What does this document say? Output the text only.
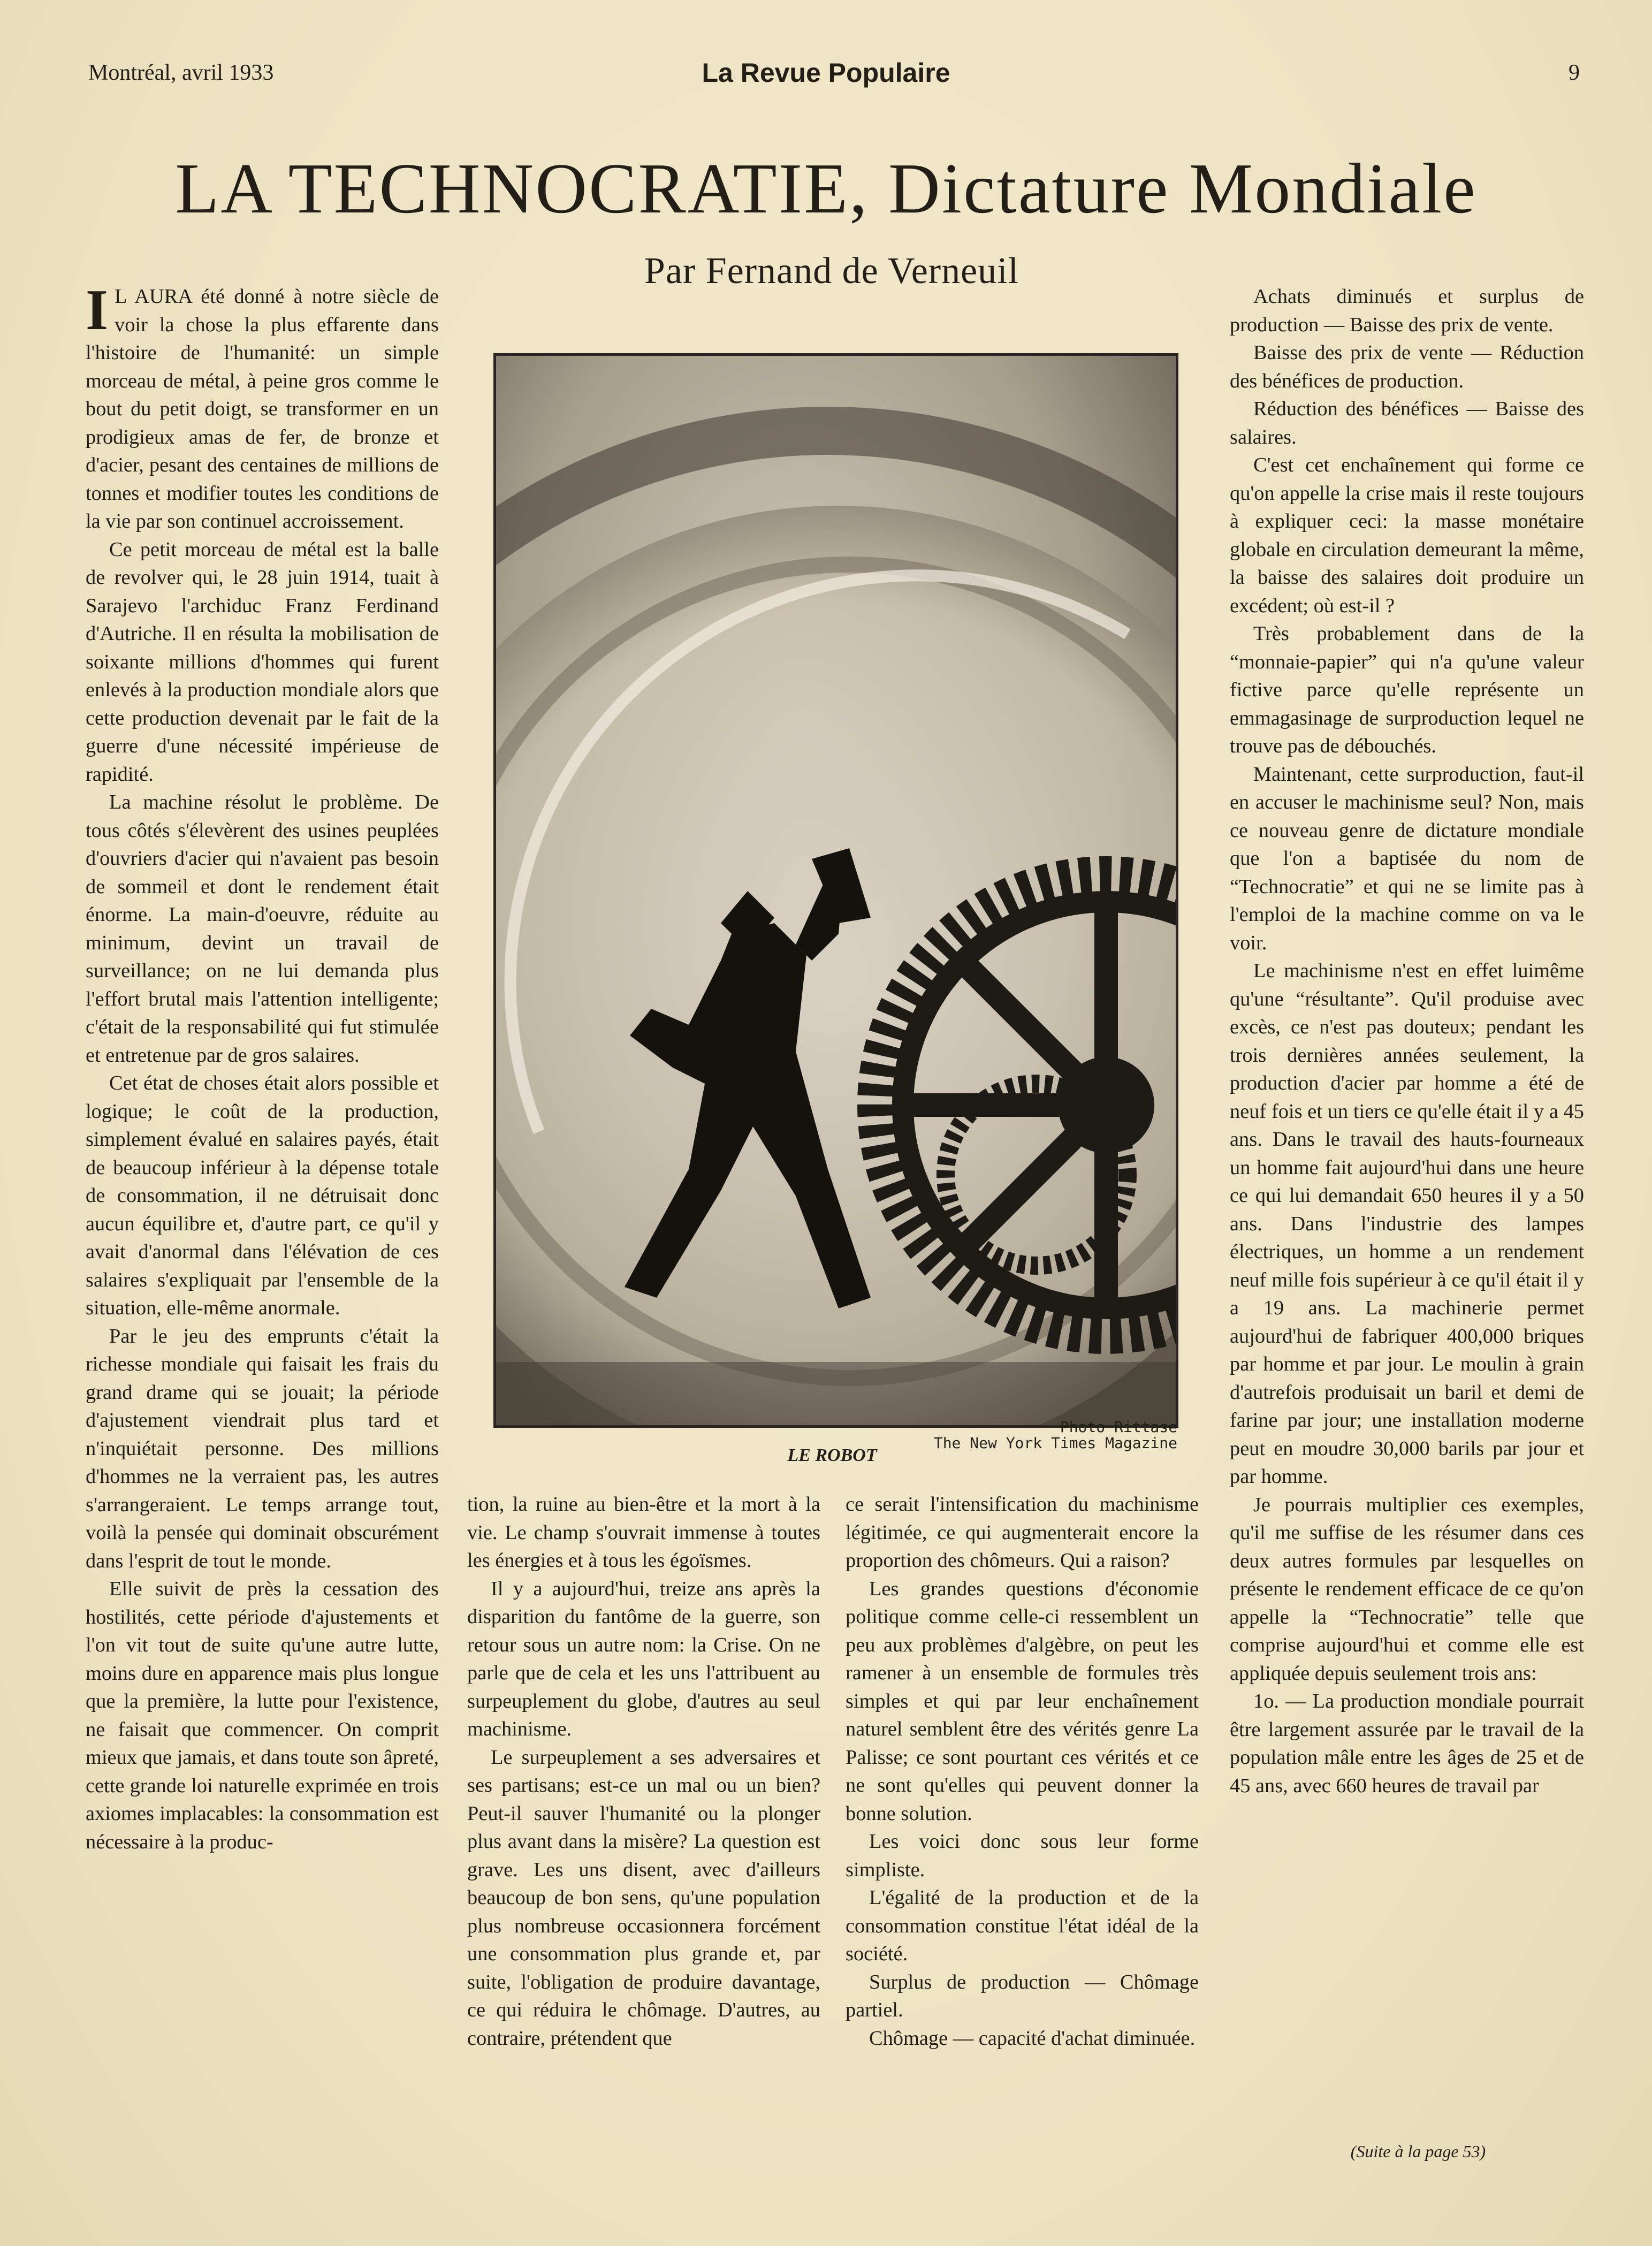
Montréal, avril 1933	La Revue Populaire	9
LA TECHNOCRATIE, Dictature Mondiale
Par Fernand de Verneuil

I L AURA été donné à notre siècle de voir la chose la plus effarente dans l'histoire de l'humanité: un simple morceau de métal, à peine gros comme le bout du petit doigt, se transformer en un prodigieux amas de fer, de bronze et d'acier, pesant des centaines de millions de tonnes et modifier toutes les conditions de la vie par son continuel accroissement.

Ce petit morceau de métal est la balle de revolver qui, le 28 juin 1914, tuait à Sarajevo l'archiduc Franz Ferdinand d'Autriche. Il en résulta la mobilisation de soixante millions d'hommes qui furent enlevés à la production mondiale alors que cette production devenait par le fait de la guerre d'une nécessité impérieuse de rapidité.

La machine résolut le problème. De tous côtés s'élevèrent des usines peuplées d'ouvriers d'acier qui n'avaient pas besoin de sommeil et dont le rendement était énorme. La main-d'oeuvre, réduite au minimum, devint un travail de surveillance; on ne lui demanda plus l'effort brutal mais l'attention intelligente; c'était de la responsabilité qui fut stimulée et entretenue par de gros salaires.

Cet état de choses était alors possible et logique; le coût de la production, simplement évalué en salaires payés, était de beaucoup inférieur à la dépense totale de consommation, il ne détruisait donc aucun équilibre et, d'autre part, ce qu'il y avait d'anormal dans l'élévation de ces salaires s'expliquait par l'ensemble de la situation, elle-même anormale.

Par le jeu des emprunts c'était la richesse mondiale qui faisait les frais du grand drame qui se jouait; la période d'ajustement viendrait plus tard et n'inquiétait personne. Des millions d'hommes ne la verraient pas, les autres s'arrangeraient. Le temps arrange tout, voilà la pensée qui dominait obscurément dans l'esprit de tout le monde.

Elle suivit de près la cessation des hostilités, cette période d'ajustements et l'on vit tout de suite qu'une autre lutte, moins dure en apparence mais plus longue que la première, la lutte pour l'existence, ne faisait que commencer. On comprit mieux que jamais, et dans toute son âpreté, cette grande loi naturelle exprimée en trois axiomes implacables: la consommation est nécessaire à la produc-

Photo Rittase
The New York Times Magazine
LE ROBOT

tion, la ruine au bien-être et la mort à la vie. Le champ s'ouvrait immense à toutes les énergies et à tous les égoïsmes.

Il y a aujourd'hui, treize ans après la disparition du fantôme de la guerre, son retour sous un autre nom: la Crise. On ne parle que de cela et les uns l'attribuent au surpeuplement du globe, d'autres au seul machinisme.

Le surpeuplement a ses adversaires et ses partisans; est-ce un mal ou un bien? Peut-il sauver l'humanité ou la plonger plus avant dans la misère? La question est grave. Les uns disent, avec d'ailleurs beaucoup de bon sens, qu'une population plus nombreuse occasionnera forcément une consommation plus grande et, par suite, l'obligation de produire davantage, ce qui réduira le chômage. D'autres, au contraire, prétendent que

ce serait l'intensification du machinisme légitimée, ce qui augmenterait encore la proportion des chômeurs. Qui a raison?

Les grandes questions d'économie politique comme celle-ci ressemblent un peu aux problèmes d'algèbre, on peut les ramener à un ensemble de formules très simples et qui par leur enchaînement naturel semblent être des vérités genre La Palisse; ce sont pourtant ces vérités et ce ne sont qu'elles qui peuvent donner la bonne solution.

Les voici donc sous leur forme simpliste.

L'égalité de la production et de la consommation constitue l'état idéal de la société.

Surplus de production — Chômage partiel.

Chômage — capacité d'achat diminuée.

Achats diminués et surplus de production — Baisse des prix de vente.

Baisse des prix de vente — Réduction des bénéfices de production.

Réduction des bénéfices — Baisse des salaires.

C'est cet enchaînement qui forme ce qu'on appelle la crise mais il reste toujours à expliquer ceci: la masse monétaire globale en circulation demeurant la même, la baisse des salaires doit produire un excédent; où est-il ?

Très probablement dans de la “monnaie-papier” qui n'a qu'une valeur fictive parce qu'elle représente un emmagasinage de surproduction lequel ne trouve pas de débouchés.

Maintenant, cette surproduction, faut-il en accuser le machinisme seul? Non, mais ce nouveau genre de dictature mondiale que l'on a baptisée du nom de “Technocratie” et qui ne se limite pas à l'emploi de la machine comme on va le voir.

Le machinisme n'est en effet luimême qu'une “résultante”. Qu'il produise avec excès, ce n'est pas douteux; pendant les trois dernières années seulement, la production d'acier par homme a été de neuf fois et un tiers ce qu'elle était il y a 45 ans. Dans le travail des hauts-fourneaux un homme fait aujourd'hui dans une heure ce qui lui demandait 650 heures il y a 50 ans. Dans l'industrie des lampes électriques, un homme a un rendement neuf mille fois supérieur à ce qu'il était il y a 19 ans. La machinerie permet aujourd'hui de fabriquer 400,000 briques par homme et par jour. Le moulin à grain d'autrefois produisait un baril et demi de farine par jour; une installation moderne peut en moudre 30,000 barils par jour et par homme.

Je pourrais multiplier ces exemples, qu'il me suffise de les résumer dans ces deux autres formules par lesquelles on présente le rendement efficace de ce qu'on appelle la “Technocratie” telle que comprise aujourd'hui et comme elle est appliquée depuis seulement trois ans:

1o. — La production mondiale pourrait être largement assurée par le travail de la population mâle entre les âges de 25 et de 45 ans, avec 660 heures de travail par

(Suite à la page 53)
